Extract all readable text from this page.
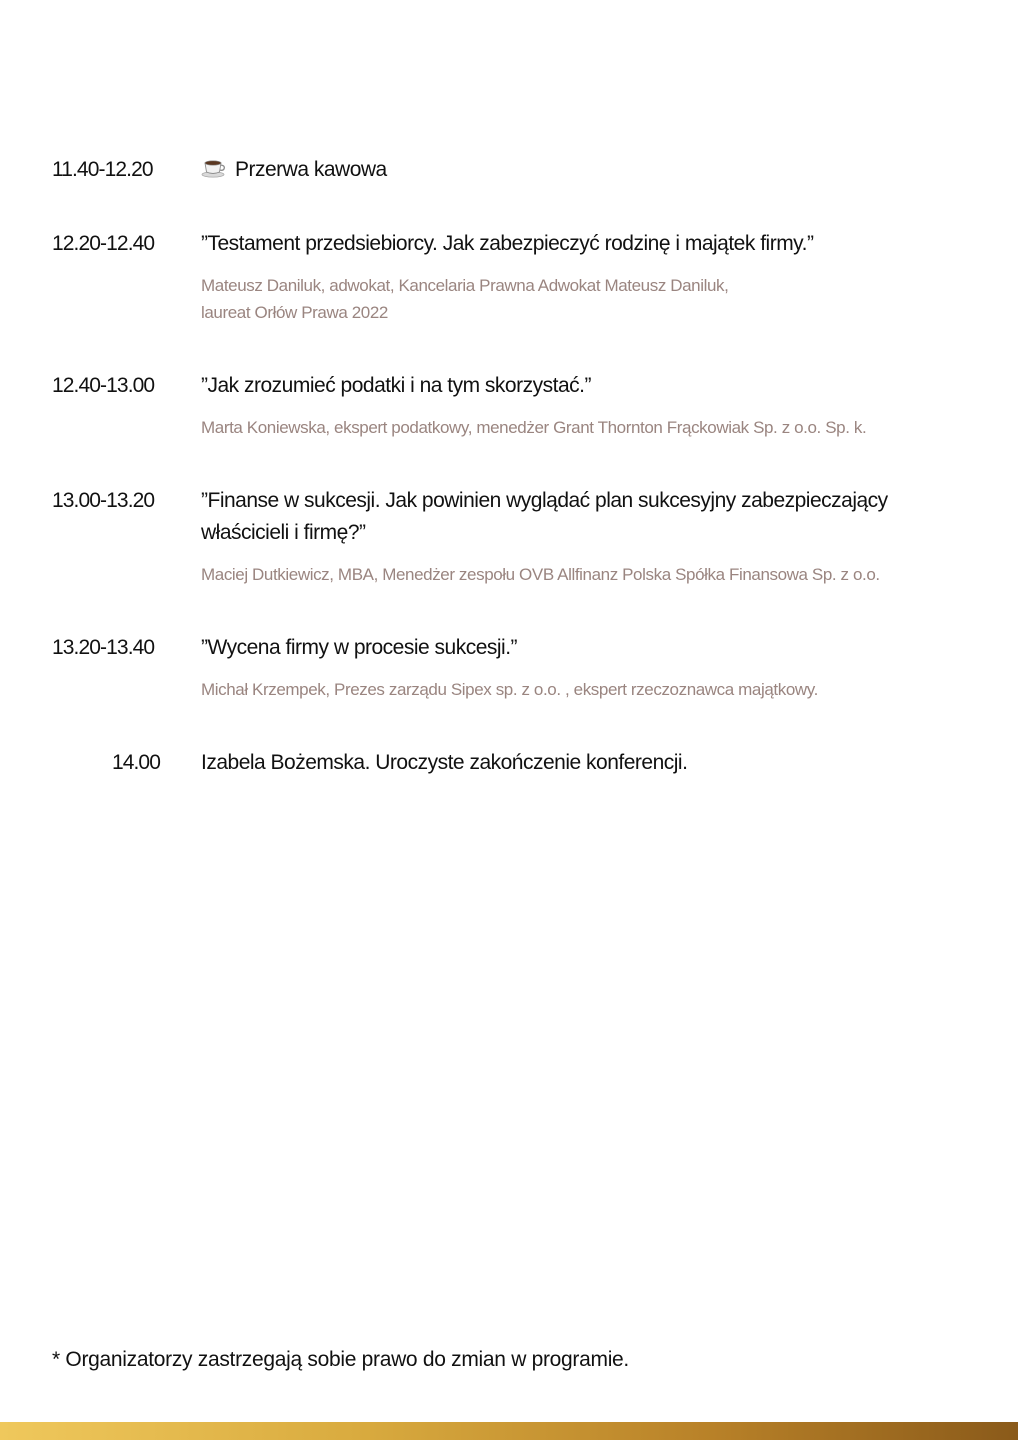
11.40-12.20	Przerwa kawowa
12.20-12.40 ”Testament przedsiebiorcy. Jak zabezpieczyć rodzinę i majątek firmy.”
Mateusz Daniluk, adwokat, Kancelaria Prawna Adwokat Mateusz Daniluk,
laureat Orłów Prawa 2022
12.40-13.00 ”Jak zrozumieć podatki i na tym skorzystać.”
Marta Koniewska, ekspert podatkowy, menedżer Grant Thornton Frąckowiak Sp. z o.o. Sp. k.
13.00-13.20 ”Finanse w sukcesji. Jak powinien wyglądać plan sukcesyjny zabezpieczający
właścicieli i firmę?”
Maciej Dutkiewicz, MBA, Menedżer zespołu OVB Allfinanz Polska Spółka Finansowa Sp. z o.o.
13.20-13.40 ”Wycena firmy w procesie sukcesji.”
Michał Krzempek, Prezes zarządu Sipex sp. z o.o. , ekspert rzeczoznawca majątkowy.
14.00 Izabela Bożemska. Uroczyste zakończenie konferencji.
* Organizatorzy zastrzegają sobie prawo do zmian w programie.
